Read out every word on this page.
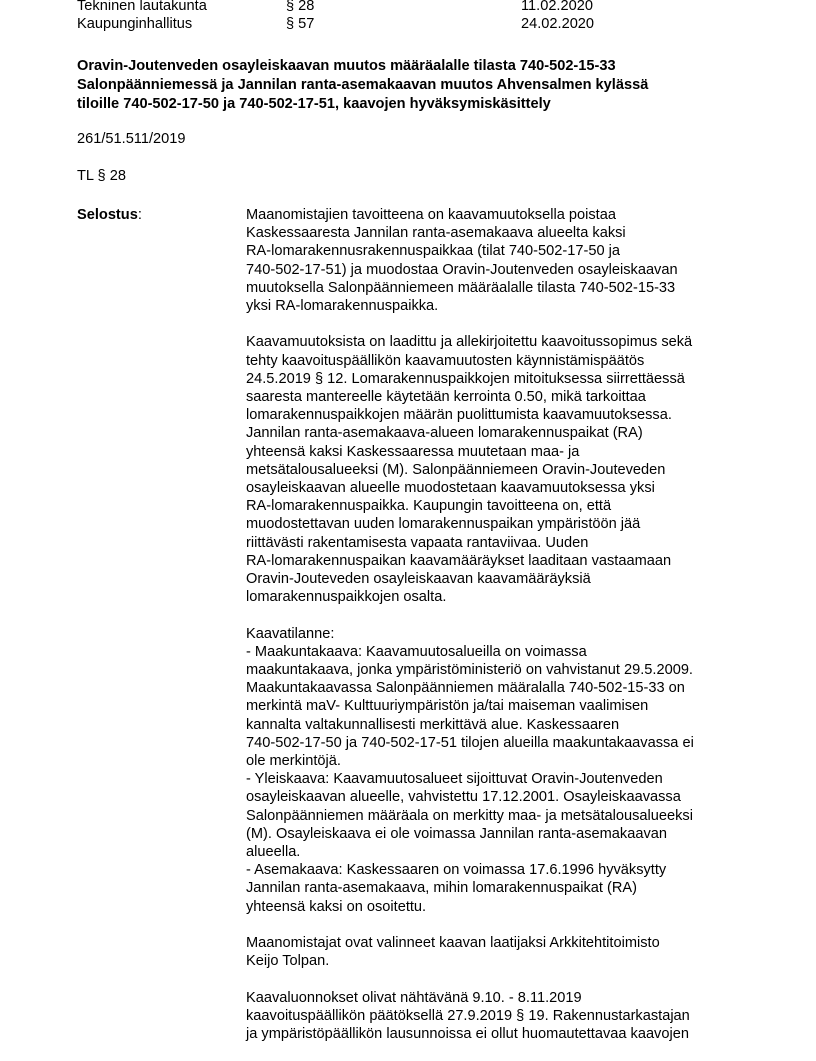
Tekninen lautakunta	§ 28	11.02.2020
Kaupunginhallitus	§ 57	24.02.2020
Oravin-Joutenveden osayleiskaavan muutos määräalalle tilasta 740-502-15-33
Salonpäänniemessä ja Jannilan ranta-asemakaavan muutos Ahvensalmen kylässä
tiloille 740-502-17-50 ja 740-502-17-51, kaavojen hyväksymiskäsittely
261/51.511/2019
TL § 28
Selostus:	Maanomistajien tavoitteena on kaavamuutoksella poistaa
Kaskessaaresta Jannilan ranta-asemakaava alueelta kaksi
RA-lomarakennusrakennuspaikkaa (tilat 740-502-17-50 ja
740-502-17-51) ja muodostaa Oravin-Joutenveden osayleiskaavan
muutoksella Salonpäänniemeen määräalalle tilasta 740-502-15-33
yksi RA-lomarakennuspaikka.
Kaavamuutoksista on laadittu ja allekirjoitettu kaavoitussopimus sekä
tehty kaavoituspäällikön kaavamuutosten käynnistämispäätös
24.5.2019 § 12. Lomarakennuspaikkojen mitoituksessa siirrettäessä
saaresta mantereelle käytetään kerrointa 0.50, mikä tarkoittaa
lomarakennuspaikkojen määrän puolittumista kaavamuutoksessa.
Jannilan ranta-asemakaava-alueen lomarakennuspaikat (RA)
yhteensä kaksi Kaskessaaressa muutetaan maa- ja
metsätalousalueeksi (M). Salonpäänniemeen Oravin-Jouteveden
osayleiskaavan alueelle muodostetaan kaavamuutoksessa yksi
RA-lomarakennuspaikka. Kaupungin tavoitteena on, että
muodostettavan uuden lomarakennuspaikan ympäristöön jää
riittävästi rakentamisesta vapaata rantaviivaa. Uuden
RA-lomarakennuspaikan kaavamääräykset laaditaan vastaamaan
Oravin-Jouteveden osayleiskaavan kaavamääräyksiä
lomarakennuspaikkojen osalta.
Kaavatilanne:
- Maakuntakaava: Kaavamuutosalueilla on voimassa
maakuntakaava, jonka ympäristöministeriö on vahvistanut 29.5.2009.
Maakuntakaavassa Salonpäänniemen määralalla 740-502-15-33 on
merkintä maV- Kulttuuriympäristön ja/tai maiseman vaalimisen
kannalta valtakunnallisesti merkittävä alue. Kaskessaaren
740-502-17-50 ja 740-502-17-51 tilojen alueilla maakuntakaavassa ei
ole merkintöjä.
- Yleiskaava: Kaavamuutosalueet sijoittuvat Oravin-Joutenveden
osayleiskaavan alueelle, vahvistettu 17.12.2001. Osayleiskaavassa
Salonpäänniemen määräala on merkitty maa- ja metsätalousalueeksi
(M). Osayleiskaava ei ole voimassa Jannilan ranta-asemakaavan
alueella.
- Asemakaava: Kaskessaaren on voimassa 17.6.1996 hyväksytty
Jannilan ranta-asemakaava, mihin lomarakennuspaikat (RA)
yhteensä kaksi on osoitettu.
Maanomistajat ovat valinneet kaavan laatijaksi Arkkitehtitoimisto
Keijo Tolpan.
Kaavaluonnokset olivat nähtävänä 9.10. - 8.11.2019
kaavoituspäällikön päätöksellä 27.9.2019 § 19. Rakennustarkastajan
ja ympäristöpäällikön lausunnoissa ei ollut huomautettavaa kaavojen
